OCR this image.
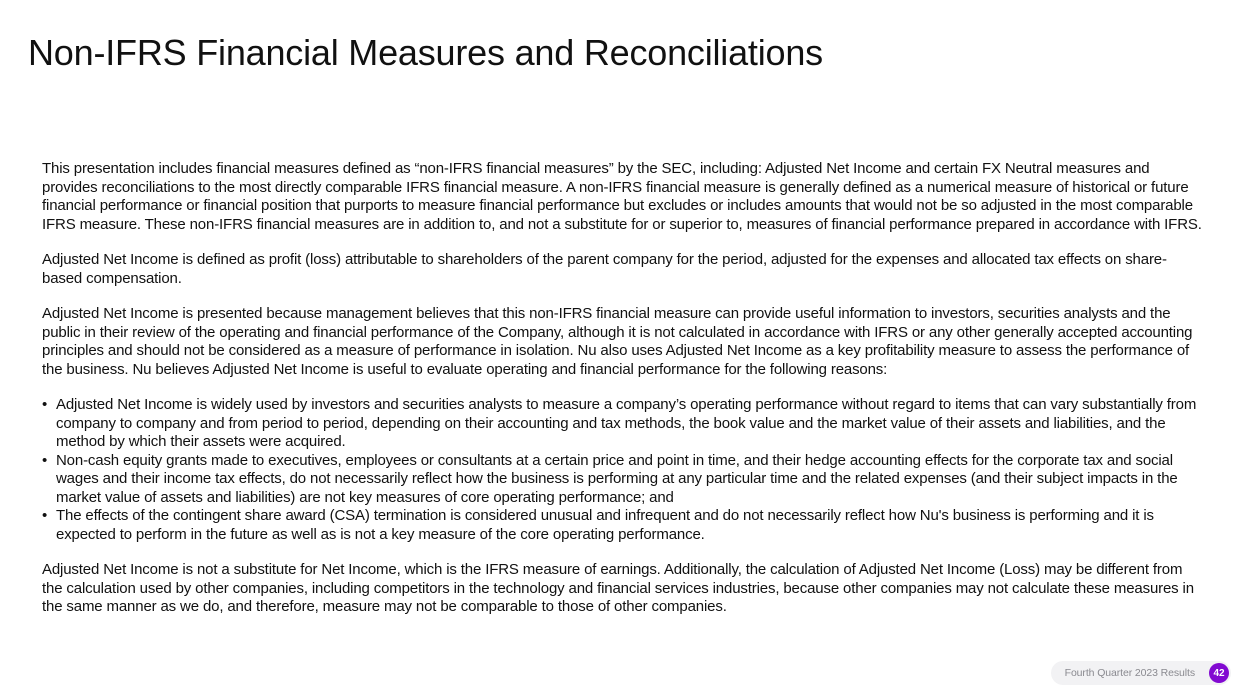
Non-IFRS Financial Measures and Reconciliations

This presentation includes financial measures defined as “non-IFRS financial measures” by the SEC, including: Adjusted Net Income and certain FX Neutral measures and provides reconciliations to the most directly comparable IFRS financial measure. A non-IFRS financial measure is generally defined as a numerical measure of historical or future financial performance or financial position that purports to measure financial performance but excludes or includes amounts that would not be so adjusted in the most comparable IFRS measure. These non-IFRS financial measures are in addition to, and not a substitute for or superior to, measures of financial performance prepared in accordance with IFRS.

Adjusted Net Income is defined as profit (loss) attributable to shareholders of the parent company for the period, adjusted for the expenses and allocated tax effects on share-based compensation.

Adjusted Net Income is presented because management believes that this non-IFRS financial measure can provide useful information to investors, securities analysts and the public in their review of the operating and financial performance of the Company, although it is not calculated in accordance with IFRS or any other generally accepted accounting principles and should not be considered as a measure of performance in isolation. Nu also uses Adjusted Net Income as a key profitability measure to assess the performance of the business. Nu believes Adjusted Net Income is useful to evaluate operating and financial performance for the following reasons:

• Adjusted Net Income is widely used by investors and securities analysts to measure a company’s operating performance without regard to items that can vary substantially from company to company and from period to period, depending on their accounting and tax methods, the book value and the market value of their assets and liabilities, and the method by which their assets were acquired.
• Non-cash equity grants made to executives, employees or consultants at a certain price and point in time, and their hedge accounting effects for the corporate tax and social wages and their income tax effects, do not necessarily reflect how the business is performing at any particular time and the related expenses (and their subject impacts in the market value of assets and liabilities) are not key measures of core operating performance; and
• The effects of the contingent share award (CSA) termination is considered unusual and infrequent and do not necessarily reflect how Nu's business is performing and it is expected to perform in the future as well as is not a key measure of the core operating performance.

Adjusted Net Income is not a substitute for Net Income, which is the IFRS measure of earnings. Additionally, the calculation of Adjusted Net Income (Loss) may be different from the calculation used by other companies, including competitors in the technology and financial services industries, because other companies may not calculate these measures in the same manner as we do, and therefore, measure may not be comparable to those of other companies.

Fourth Quarter 2023 Results	42
